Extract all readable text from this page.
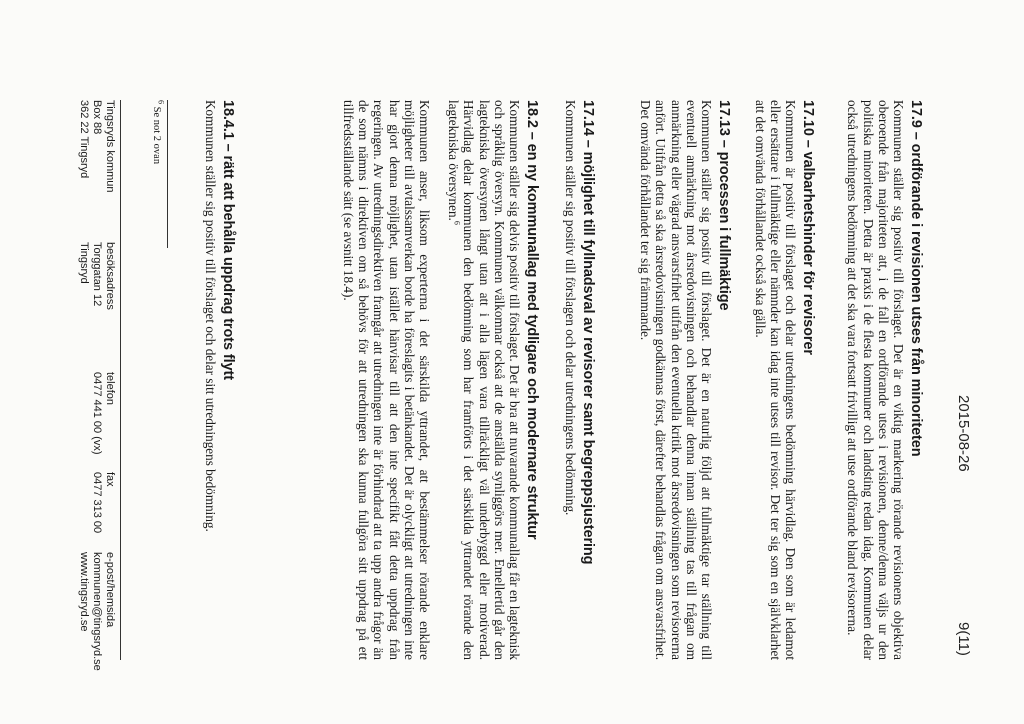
2015-08-26
9(11)
17.9 – ordförande i revisionen utses från minoriteten

Kommunen ställer sig positiv till förslaget. Det är en viktig markering rörande revisionens objektiva oberoende från majoriteten att, i de fall en ordförande utses i revisionen, denne/denna väljs ur den politiska minoriteten. Detta är praxis i de flesta kommuner och landsting redan idag. Kommunen delar också utredningens bedömning att det ska vara fortsatt frivilligt att utse ordförande bland revisorerna.

17.10 – valbarhetshinder för revisorer

Kommunen är positiv till förslaget och delar utredningens bedömning härvidlag. Den som är ledamot eller ersättare i fullmäktige eller nämnder kan idag inte utses till revisor. Det ter sig som en självklarhet att det omvända förhållandet också ska gälla.

17.13 – processen i fullmäktige

Kommunen ställer sig positiv till förslaget. Det är en naturlig följd att fullmäktige tar ställning till eventuell anmärkning mot årsredovisningen och behandlar denna innan ställning tas till frågan om anmärkning eller vägrad ansvarsfrihet utifrån den eventuella kritik mot årsredovisningen som revisorerna anfört. Utifrån detta så ska årsredovisningen godkännas först, därefter behandlas frågan om ansvarsfrihet. Det omvända förhållandet ter sig främmande.

17.14 – möjlighet till fyllnadsval av revisorer samt begreppsjustering

Kommunen ställer sig positiv till förslagen och delar utredningens bedömning.

18.2 – en ny kommunallag med tydligare och modernare struktur

Kommunen ställer sig delvis positiv till förslaget. Det är bra att nuvarande kommunallag får en lagteknisk och språklig översyn. Kommunen välkomnar också att de anställda synliggörs mer. Emellertid går den lagtekniska översynen långt utan att i alla lägen vara tillräckligt väl underbyggd eller motiverad. Härvidlag delar kommunen den bedömning som har framförts i det särskilda yttrandet rörande den lagtekniska översynen.$^6$

Kommunen anser, liksom experterna i det särskilda yttrandet, att bestämmelser rörande enklare möjligheter till avtalssamverkan borde ha föreslagits i betänkandet. Det är olyckligt att utredningen inte har gjort denna möjlighet, utan istället hänvisar till att den inte specifikt fått detta uppdrag från regeringen. Av utredningsdirektiven framgår att utredningen inte är förhindrad att ta upp andra frågor än de som nämns i direktiven om så behövs för att utredningen ska kunna fullgöra sitt uppdrag på ett tillfredsställande sätt (se avsnitt 18.4).

18.4.1 – rätt att behålla uppdrag trots flytt

Kommunen ställer sig positiv till förslaget och delar sitt utredningens bedömning.

$^6$ Se not 2 ovan
Tingsryds kommun
Box 88
362 22 Tingsryd
besöksadress
Torggatan 12
Tingsryd
telefon
0477 441 00 (vx)
fax
0477 313 00
e-post/hemsida
kommunen@tingsryd.se
www.tingsryd.se
